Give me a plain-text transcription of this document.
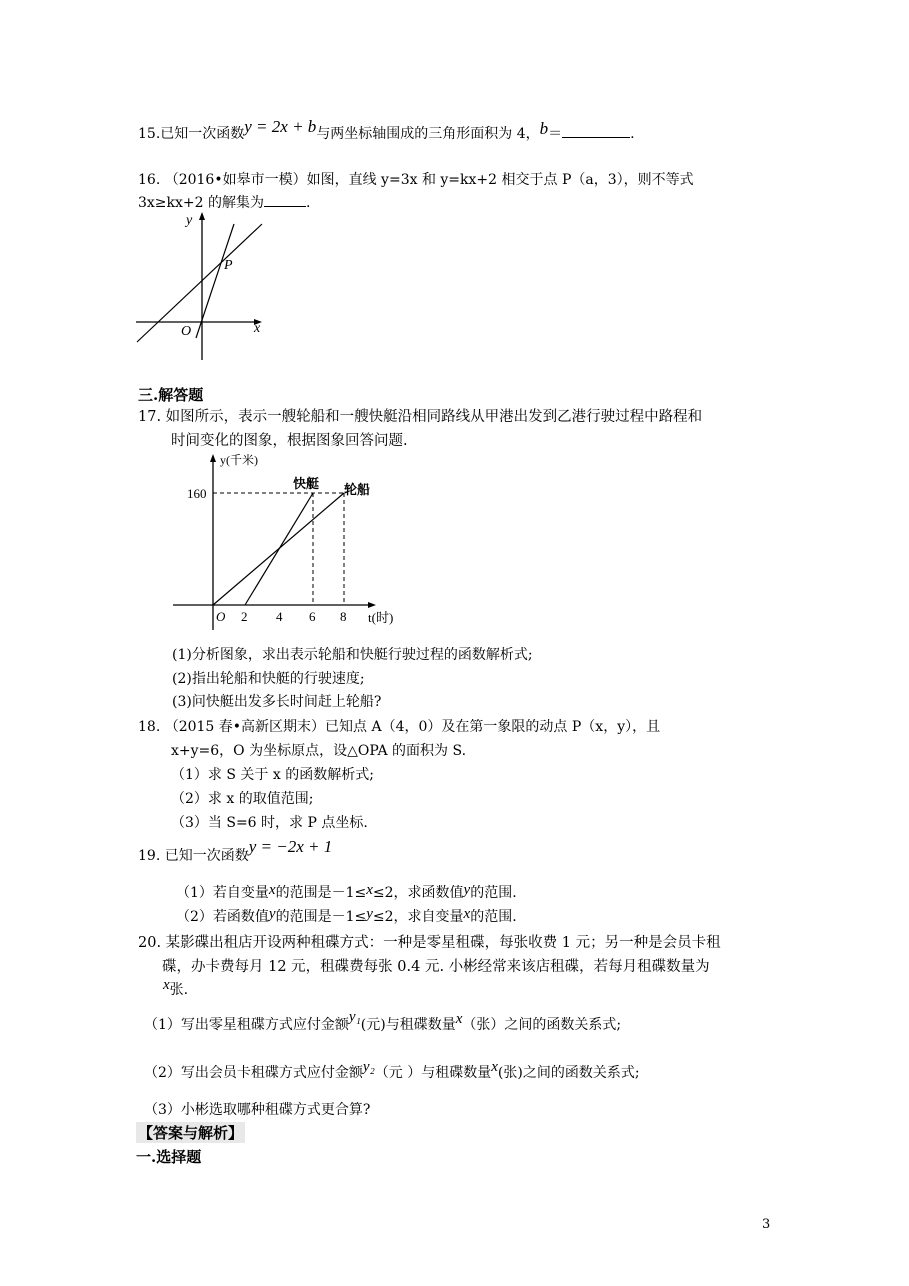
15.已知一次函数y = 2x + b与两坐标轴围成的三角形面积为 4，b＝	.
16. （2016•如皋市一模）如图，直线 y=3x 和 y=kx+2 相交于点 P（a，3），则不等式
3x≥kx+2 的解集为	.
y
x
O
P
三.解答题
17. 如图所示，表示一艘轮船和一艘快艇沿相同路线从甲港出发到乙港行驶过程中路程和
时间变化的图象，根据图象回答问题.
y(千米)
160
O 2 4 6 8 t(时)
快艇 轮船
(1)分析图象，求出表示轮船和快艇行驶过程的函数解析式;
(2)指出轮船和快艇的行驶速度;
(3)问快艇出发多长时间赶上轮船?
18. （2015 春•高新区期末）已知点 A（4，0）及在第一象限的动点 P（x，y），且
x+y=6，O 为坐标原点，设△OPA 的面积为 S.
（1）求 S 关于 x 的函数解析式;
（2）求 x 的取值范围;
（3）当 S=6 时，求 P 点坐标.
19. 已知一次函数y = −2x + 1
（1）若自变量x的范围是－1≤x≤2，求函数值y的范围.
（2）若函数值y的范围是－1≤y≤2，求自变量x的范围.
20. 某影碟出租店开设两种租碟方式：一种是零星租碟，每张收费 1 元；另一种是会员卡租
碟，办卡费每月 12 元，租碟费每张 0.4 元. 小彬经常来该店租碟，若每月租碟数量为
x张.
（1）写出零星租碟方式应付金额y₁(元)与租碟数量x（张）之间的函数关系式;
（2）写出会员卡租碟方式应付金额y₂（元 ）与租碟数量x(张)之间的函数关系式;
（3）小彬选取哪种租碟方式更合算?
【答案与解析】
一.选择题
3
